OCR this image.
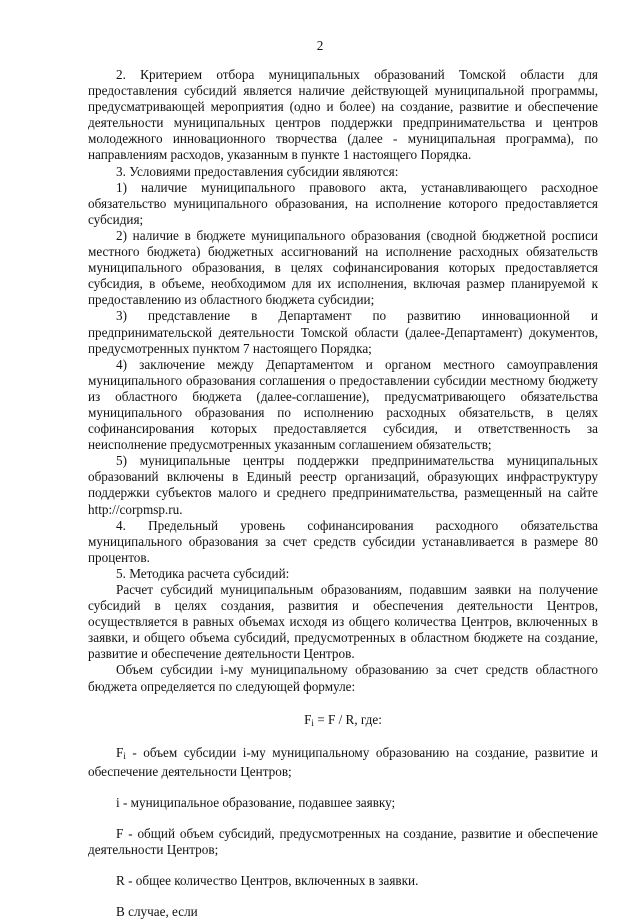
2

2. Критерием отбора муниципальных образований Томской области для предоставления субсидий является наличие действующей муниципальной программы, предусматривающей мероприятия (одно и более) на создание, развитие и обеспечение деятельности муниципальных центров поддержки предпринимательства и центров молодежного инновационного творчества (далее - муниципальная программа), по направлениям расходов, указанным в пункте 1 настоящего Порядка.

3. Условиями предоставления субсидии являются:

1) наличие муниципального правового акта, устанавливающего расходное обязательство муниципального образования, на исполнение которого предоставляется субсидия;

2) наличие в бюджете муниципального образования (сводной бюджетной росписи местного бюджета) бюджетных ассигнований на исполнение расходных обязательств муниципального образования, в целях софинансирования которых предоставляется субсидия, в объеме, необходимом для их исполнения, включая размер планируемой к предоставлению из областного бюджета субсидии;

3) представление в Департамент по развитию инновационной и предпринимательской деятельности Томской области (далее-Департамент) документов, предусмотренных пунктом 7 настоящего Порядка;

4) заключение между Департаментом и органом местного самоуправления муниципального образования соглашения о предоставлении субсидии местному бюджету из областного бюджета (далее-соглашение), предусматривающего обязательства муниципального образования по исполнению расходных обязательств, в целях софинансирования которых предоставляется субсидия, и ответственность за неисполнение предусмотренных указанным соглашением обязательств;

5) муниципальные центры поддержки предпринимательства муниципальных образований включены в Единый реестр организаций, образующих инфраструктуру поддержки субъектов малого и среднего предпринимательства, размещенный на сайте http://corpmsp.ru.

4. Предельный уровень софинансирования расходного обязательства муниципального образования за счет средств субсидии устанавливается в размере 80 процентов.

5. Методика расчета субсидий:

Расчет субсидий муниципальным образованиям, подавшим заявки на получение субсидий в целях создания, развития и обеспечения деятельности Центров, осуществляется в равных объемах исходя из общего количества Центров, включенных в заявки, и общего объема субсидий, предусмотренных в областном бюджете на создание, развитие и обеспечение деятельности Центров.

Объем субсидии i-му муниципальному образованию за счет средств областного бюджета определяется по следующей формуле:

$F_i = F / R$, где:

$F_i$ - объем субсидии i-му муниципальному образованию на создание, развитие и обеспечение деятельности Центров;

i - муниципальное образование, подавшее заявку;

F - общий объем субсидий, предусмотренных на создание, развитие и обеспечение деятельности Центров;

R - общее количество Центров, включенных в заявки.

В случае, если
